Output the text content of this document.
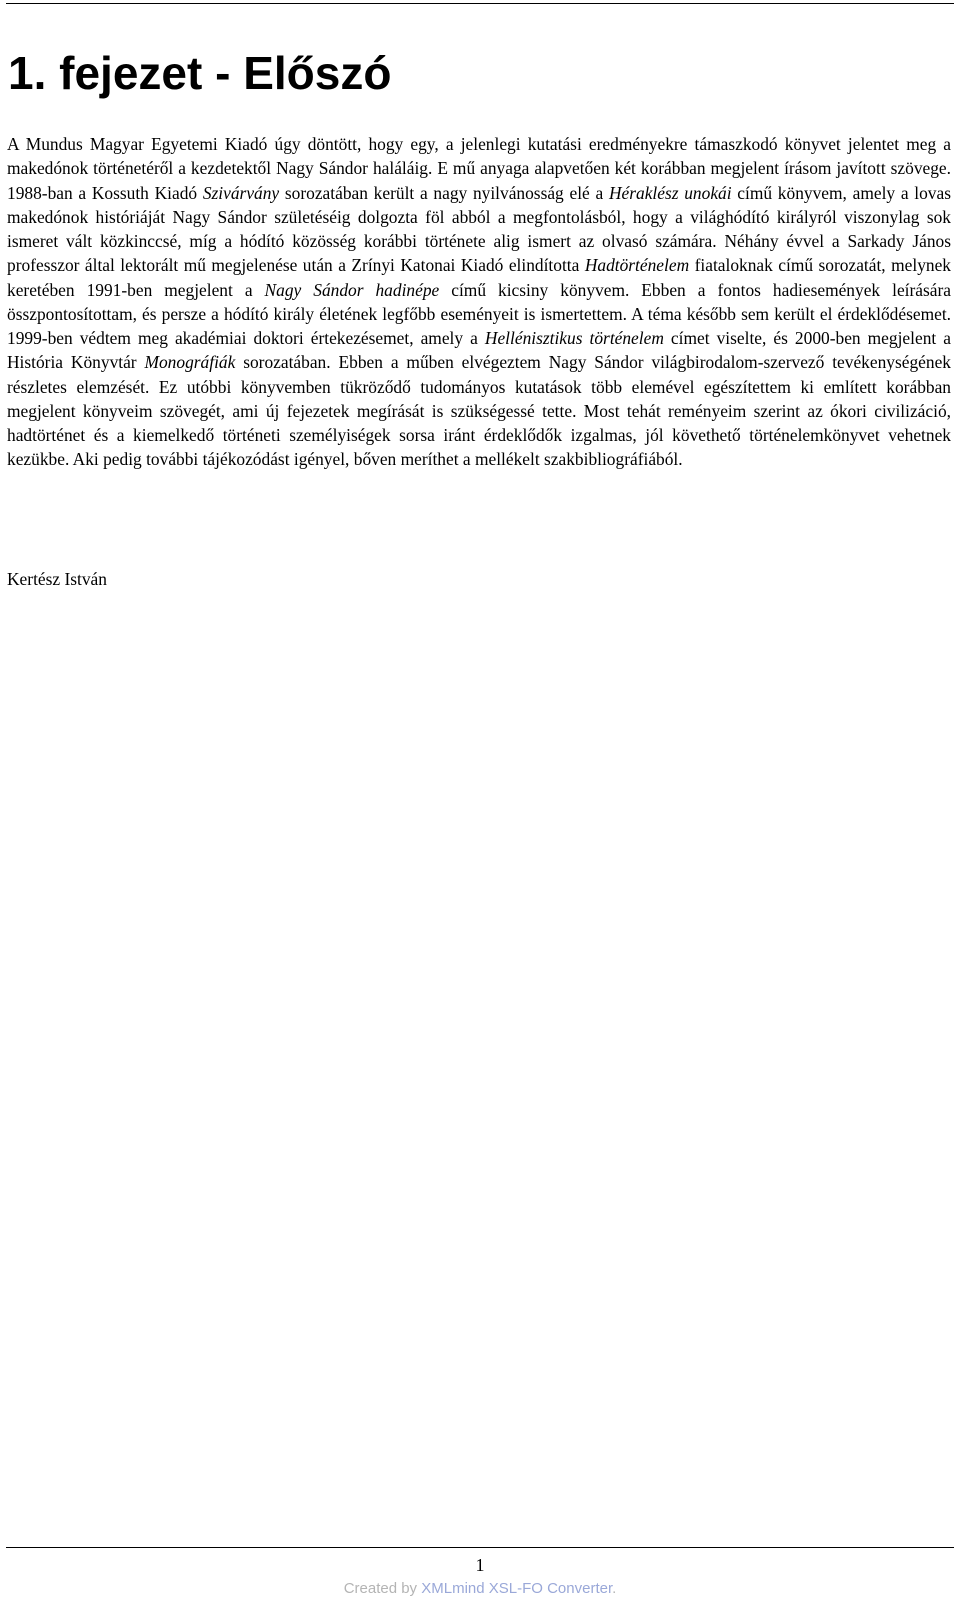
1. fejezet - Előszó

A Mundus Magyar Egyetemi Kiadó úgy döntött, hogy egy, a jelenlegi kutatási eredményekre támaszkodó könyvet jelentet meg a makedónok történetéről a kezdetektől Nagy Sándor haláláig. E mű anyaga alapvetően két korábban megjelent írásom javított szövege. 1988-ban a Kossuth Kiadó Szivárvány sorozatában került a nagy nyilvánosság elé a Héraklész unokái című könyvem, amely a lovas makedónok históriáját Nagy Sándor születéséig dolgozta föl abból a megfontolásból, hogy a világhódító királyról viszonylag sok ismeret vált közkinccsé, míg a hódító közösség korábbi története alig ismert az olvasó számára. Néhány évvel a Sarkady János professzor által lektorált mű megjelenése után a Zrínyi Katonai Kiadó elindította Hadtörténelem fiataloknak című sorozatát, melynek keretében 1991-ben megjelent a Nagy Sándor hadinépe című kicsiny könyvem. Ebben a fontos hadiesemények leírására összpontosítottam, és persze a hódító király életének legfőbb eseményeit is ismertettem. A téma később sem került el érdeklődésemet. 1999-ben védtem meg akadémiai doktori értekezésemet, amely a Hellénisztikus történelem címet viselte, és 2000-ben megjelent a História Könyvtár Monográfiák sorozatában. Ebben a műben elvégeztem Nagy Sándor világbirodalom-szervező tevékenységének részletes elemzését. Ez utóbbi könyvemben tükröződő tudományos kutatások több elemével egészítettem ki említett korábban megjelent könyveim szövegét, ami új fejezetek megírását is szükségessé tette. Most tehát reményeim szerint az ókori civilizáció, hadtörténet és a kiemelkedő történeti személyiségek sorsa iránt érdeklődők izgalmas, jól követhető történelemkönyvet vehetnek kezükbe. Aki pedig további tájékozódást igényel, bőven meríthet a mellékelt szakbibliográfiából.

Kertész István

1
Created by XMLmind XSL-FO Converter.
